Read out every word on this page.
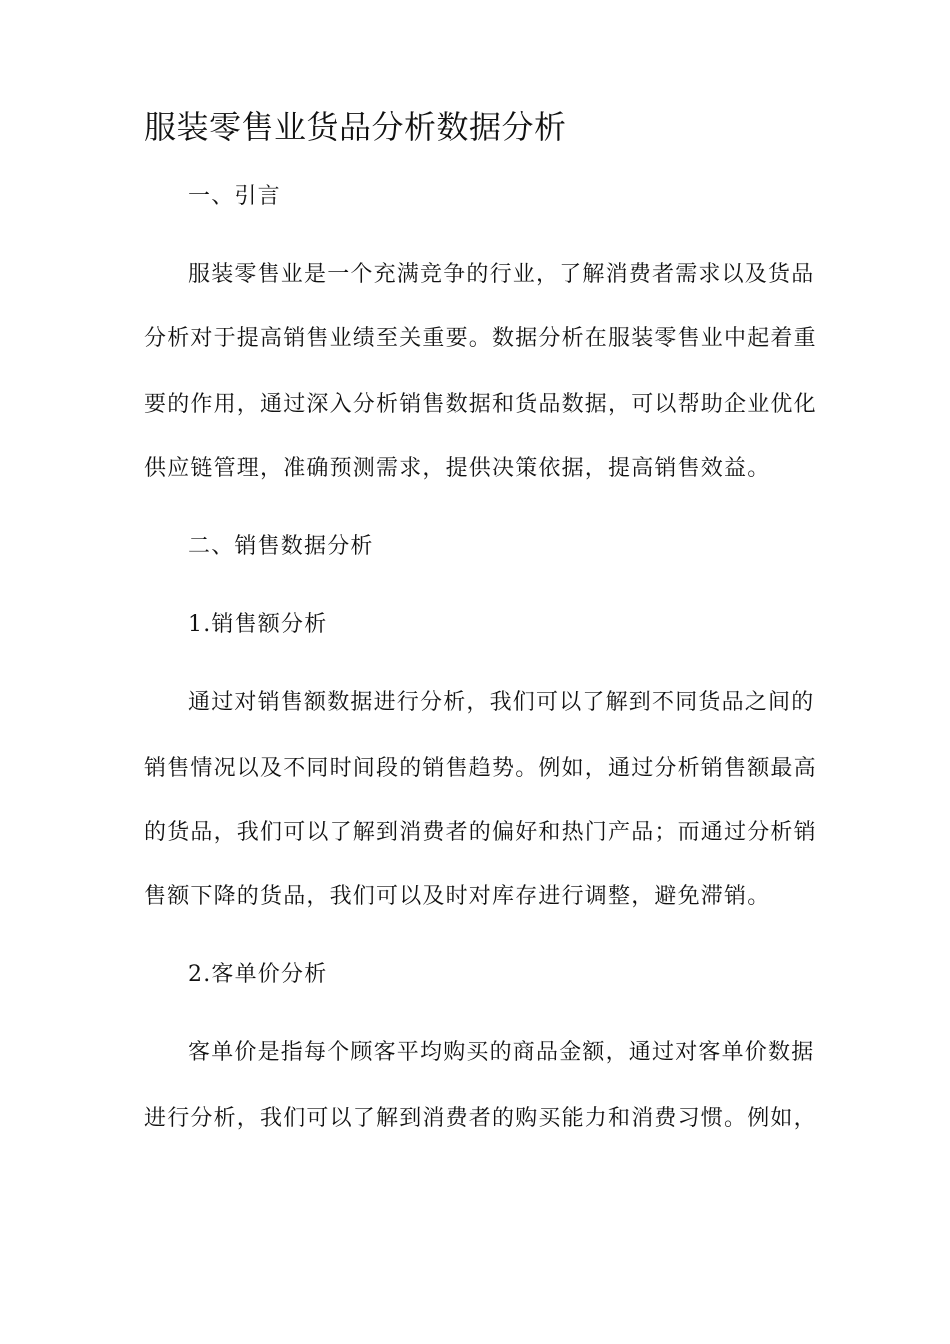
服装零售业货品分析数据分析
一、引言
服装零售业是一个充满竞争的行业，了解消费者需求以及货品
分析对于提高销售业绩至关重要。数据分析在服装零售业中起着重
要的作用，通过深入分析销售数据和货品数据，可以帮助企业优化
供应链管理，准确预测需求，提供决策依据，提高销售效益。
二、销售数据分析
1.销售额分析
通过对销售额数据进行分析，我们可以了解到不同货品之间的
销售情况以及不同时间段的销售趋势。例如，通过分析销售额最高
的货品，我们可以了解到消费者的偏好和热门产品；而通过分析销
售额下降的货品，我们可以及时对库存进行调整，避免滞销。
2.客单价分析
客单价是指每个顾客平均购买的商品金额，通过对客单价数据
进行分析，我们可以了解到消费者的购买能力和消费习惯。例如，
